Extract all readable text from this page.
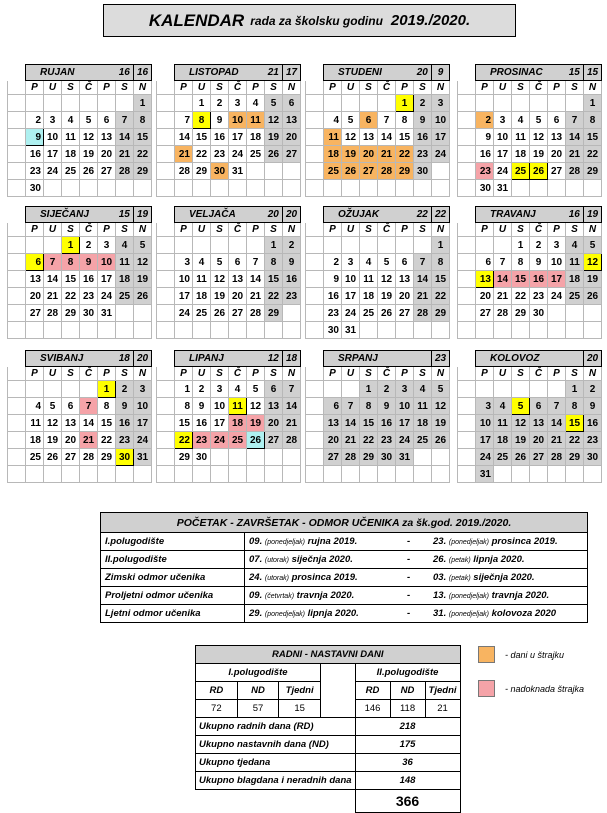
KALENDAR rada za školsku godinu 2019./2020.
	RUJAN					16	16
	P	U	S	Č	P	S	N
							1
	2	3	4	5	6	7	8
	9	10	11	12	13	14	15
	16	17	18	19	20	21	22
	23	24	25	26	27	28	29
	30						
	LISTOPAD					21	17
	P	U	S	Č	P	S	N
		1	2	3	4	5	6
	7	8	9	10	11	12	13
	14	15	16	17	18	19	20
	21	22	23	24	25	26	27
	28	29	30	31			

	STUDENI					20	9
	P	U	S	Č	P	S	N
					1	2	3
	4	5	6	7	8	9	10
	11	12	13	14	15	16	17
	18	19	20	21	22	23	24
	25	26	27	28	29	30	

	PROSINAC					15	15
	P	U	S	Č	P	S	N
							1
	2	3	4	5	6	7	8
	9	10	11	12	13	14	15
	16	17	18	19	20	21	22
	23	24	25	26	27	28	29
	30	31					
	SIJEČANJ					15	19
	P	U	S	Č	P	S	N
			1	2	3	4	5
	6	7	8	9	10	11	12
	13	14	15	16	17	18	19
	20	21	22	23	24	25	26
	27	28	29	30	31		

	VELJAČA					20	20
	P	U	S	Č	P	S	N
						1	2
	3	4	5	6	7	8	9
	10	11	12	13	14	15	16
	17	18	19	20	21	22	23
	24	25	26	27	28	29	

	OŽUJAK					22	22
	P	U	S	Č	P	S	N
							1
	2	3	4	5	6	7	8
	9	10	11	12	13	14	15
	16	17	18	19	20	21	22
	23	24	25	26	27	28	29
	30	31					
	TRAVANJ					16	19
	P	U	S	Č	P	S	N
			1	2	3	4	5
	6	7	8	9	10	11	12
	13	14	15	16	17	18	19
	20	21	22	23	24	25	26
	27	28	29	30			

	SVIBANJ					18	20
	P	U	S	Č	P	S	N
					1	2	3
	4	5	6	7	8	9	10
	11	12	13	14	15	16	17
	18	19	20	21	22	23	24
	25	26	27	28	29	30	31

	LIPANJ					12	18
	P	U	S	Č	P	S	N
	1	2	3	4	5	6	7
	8	9	10	11	12	13	14
	15	16	17	18	19	20	21
	22	23	24	25	26	27	28
	29	30					

	SRPANJ						23
	P	U	S	Č	P	S	N
			1	2	3	4	5
	6	7	8	9	10	11	12
	13	14	15	16	17	18	19
	20	21	22	23	24	25	26
	27	28	29	30	31		

	KOLOVOZ						20
	P	U	S	Č	P	S	N
						1	2
	3	4	5	6	7	8	9
	10	11	12	13	14	15	16
	17	18	19	20	21	22	23
	24	25	26	27	28	29	30
	31						
POČETAK - ZAVRŠETAK - ODMOR UČENIKA za šk.god. 2019./2020.			
I.polugodište	09. (ponedjeljak) rujna 2019.	-	23. (ponedjeljak) prosinca 2019.
II.polugodište	07. (utorak) siječnja 2020.	-	26. (petak) lipnja 2020.
Zimski odmor učenika	24. (utorak) prosinca 2019.	-	03. (petak) siječnja 2020.
Proljetni odmor učenika	09. (četvrtak) travnja 2020.	-	13. (ponedjeljak) travnja 2020.
Ljetni odmor učenika	29. (ponedjeljak) lipnja 2020.	-	31. (ponedjeljak) kolovoza 2020
RADNI - NASTAVNI DANI						
I.polugodište				II.polugodište		
RD	ND	Tjedni		RD	ND	Tjedni
72	57	15		146	118	21
Ukupno radnih dana (RD)				218		
Ukupno nastavnih dana (ND)				175		
Ukupno tjedana				36		
Ukupno blagdana i neradnih dana				148		
				366		
- dani u štrajku
- nadoknada štrajka
